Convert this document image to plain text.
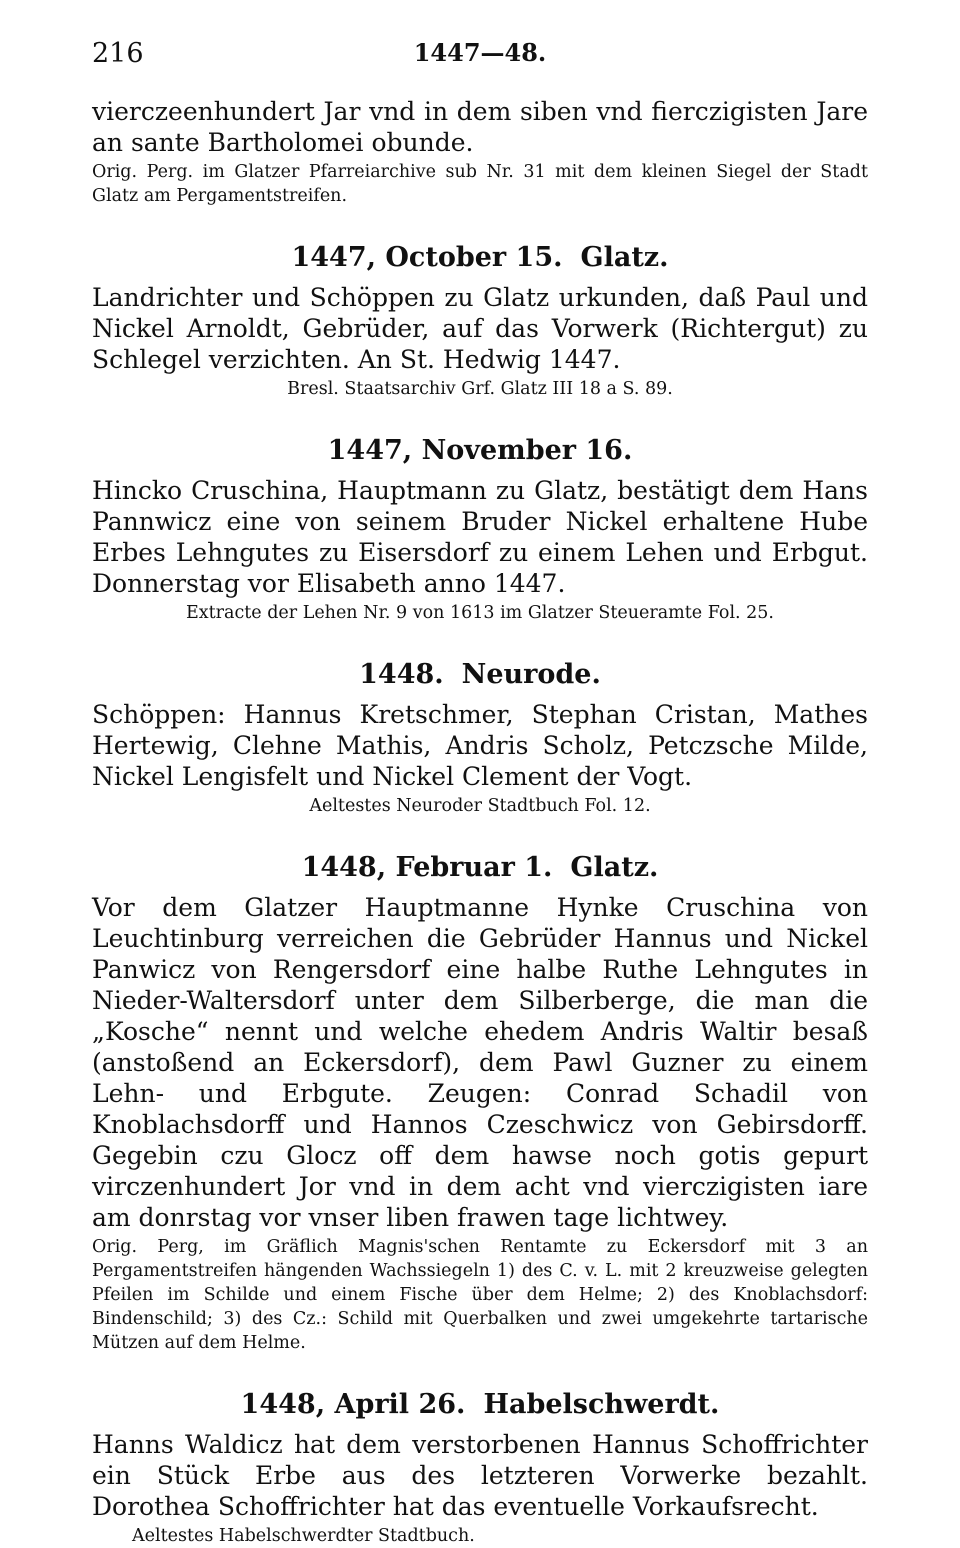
216	1447—48.

vierczeenhundert Jar vnd in dem siben vnd fierczigisten Jare an sante Bartholomei obunde.

Orig. Perg. im Glatzer Pfarreiarchive sub Nr. 31 mit dem kleinen Siegel der Stadt Glatz am Pergamentstreifen.

1447, October 15. Glatz.

Landrichter und Schöppen zu Glatz urkunden, daß Paul und Nickel Arnoldt, Gebrüder, auf das Vorwerk (Richtergut) zu Schlegel verzichten. An St. Hedwig 1447.

Bresl. Staatsarchiv Grf. Glatz III 18 a S. 89.

1447, November 16.

Hincko Cruschina, Hauptmann zu Glatz, bestätigt dem Hans Pannwicz eine von seinem Bruder Nickel erhaltene Hube Erbes Lehngutes zu Eisersdorf zu einem Lehen und Erbgut. Donnerstag vor Elisabeth anno 1447.

Extracte der Lehen Nr. 9 von 1613 im Glatzer Steueramte Fol. 25.

1448. Neurode.

Schöppen: Hannus Kretschmer, Stephan Cristan, Mathes Hertewig, Clehne Mathis, Andris Scholz, Petczsche Milde, Nickel Lengisfelt und Nickel Clement der Vogt.

Aeltestes Neuroder Stadtbuch Fol. 12.

1448, Februar 1. Glatz.

Vor dem Glatzer Hauptmanne Hynke Cruschina von Leuchtinburg verreichen die Gebrüder Hannus und Nickel Panwicz von Rengersdorf eine halbe Ruthe Lehngutes in Nieder-Waltersdorf unter dem Silberberge, die man die „Kosche“ nennt und welche ehedem Andris Waltir besaß (anstoßend an Eckersdorf), dem Pawl Guzner zu einem Lehn- und Erbgute. Zeugen: Conrad Schadil von Knoblachsdorff und Hannos Czeschwicz von Gebirsdorff. Gegebin czu Glocz off dem hawse noch gotis gepurt virczenhundert Jor vnd in dem acht vnd vierczigisten iare am donrstag vor vnser liben frawen tage lichtwey.

Orig. Perg, im Gräflich Magnis'schen Rentamte zu Eckersdorf mit 3 an Pergamentstreifen hängenden Wachssiegeln 1) des C. v. L. mit 2 kreuzweise gelegten Pfeilen im Schilde und einem Fische über dem Helme; 2) des Knoblachsdorf: Bindenschild; 3) des Cz.: Schild mit Querbalken und zwei umgekehrte tartarische Mützen auf dem Helme.

1448, April 26. Habelschwerdt.

Hanns Waldicz hat dem verstorbenen Hannus Schoffrichter ein Stück Erbe aus des letzteren Vorwerke bezahlt. Dorothea Schoffrichter hat das eventuelle Vorkaufsrecht.

Aeltestes Habelschwerdter Stadtbuch.
